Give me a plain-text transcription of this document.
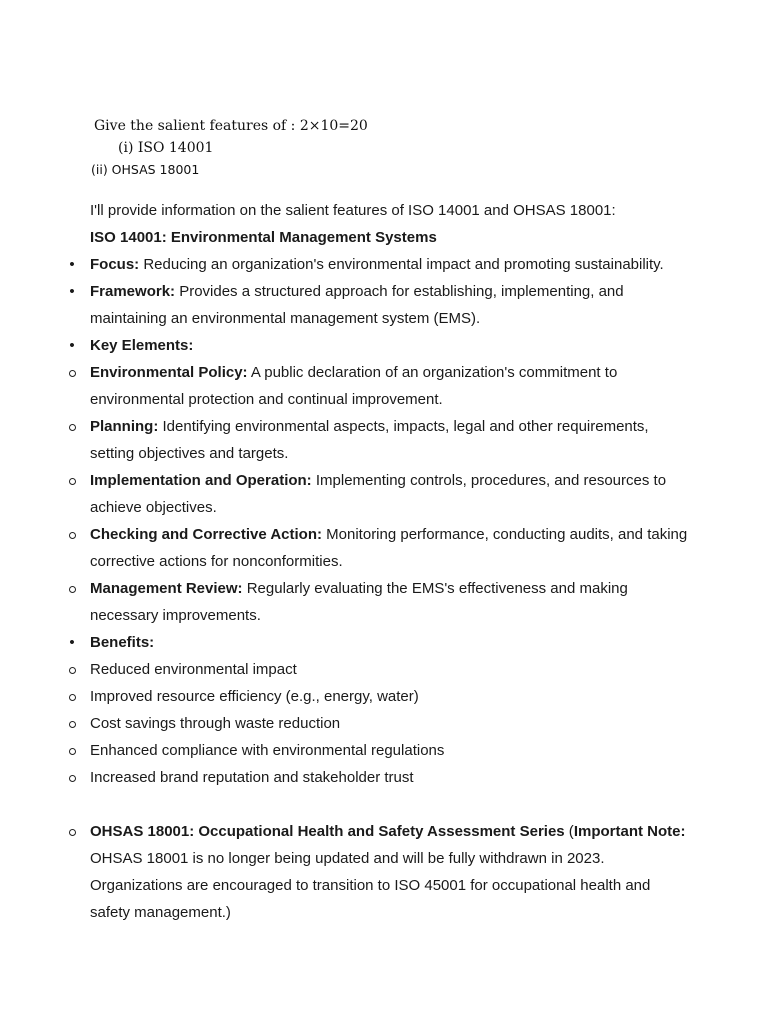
Give the salient features of : 2×10=20
(i) ISO 14001
(ii) OHSAS 18001
I'll provide information on the salient features of ISO 14001 and OHSAS 18001:
ISO 14001: Environmental Management Systems
•
Focus: Reducing an organization's environmental impact and promoting sustainability.
•
Framework: Provides a structured approach for establishing, implementing, and maintaining an environmental management system (EMS).
•
Key Elements:
Environmental Policy: A public declaration of an organization's commitment to environmental protection and continual improvement.
Planning: Identifying environmental aspects, impacts, legal and other requirements, setting objectives and targets.
Implementation and Operation: Implementing controls, procedures, and resources to achieve objectives.
Checking and Corrective Action: Monitoring performance, conducting audits, and taking corrective actions for nonconformities.
Management Review: Regularly evaluating the EMS's effectiveness and making necessary improvements.
•
Benefits:
Reduced environmental impact
Improved resource efficiency (e.g., energy, water)
Cost savings through waste reduction
Enhanced compliance with environmental regulations
Increased brand reputation and stakeholder trust
OHSAS 18001: Occupational Health and Safety Assessment Series (Important Note: OHSAS 18001 is no longer being updated and will be fully withdrawn in 2023. Organizations are encouraged to transition to ISO 45001 for occupational health and safety management.)
